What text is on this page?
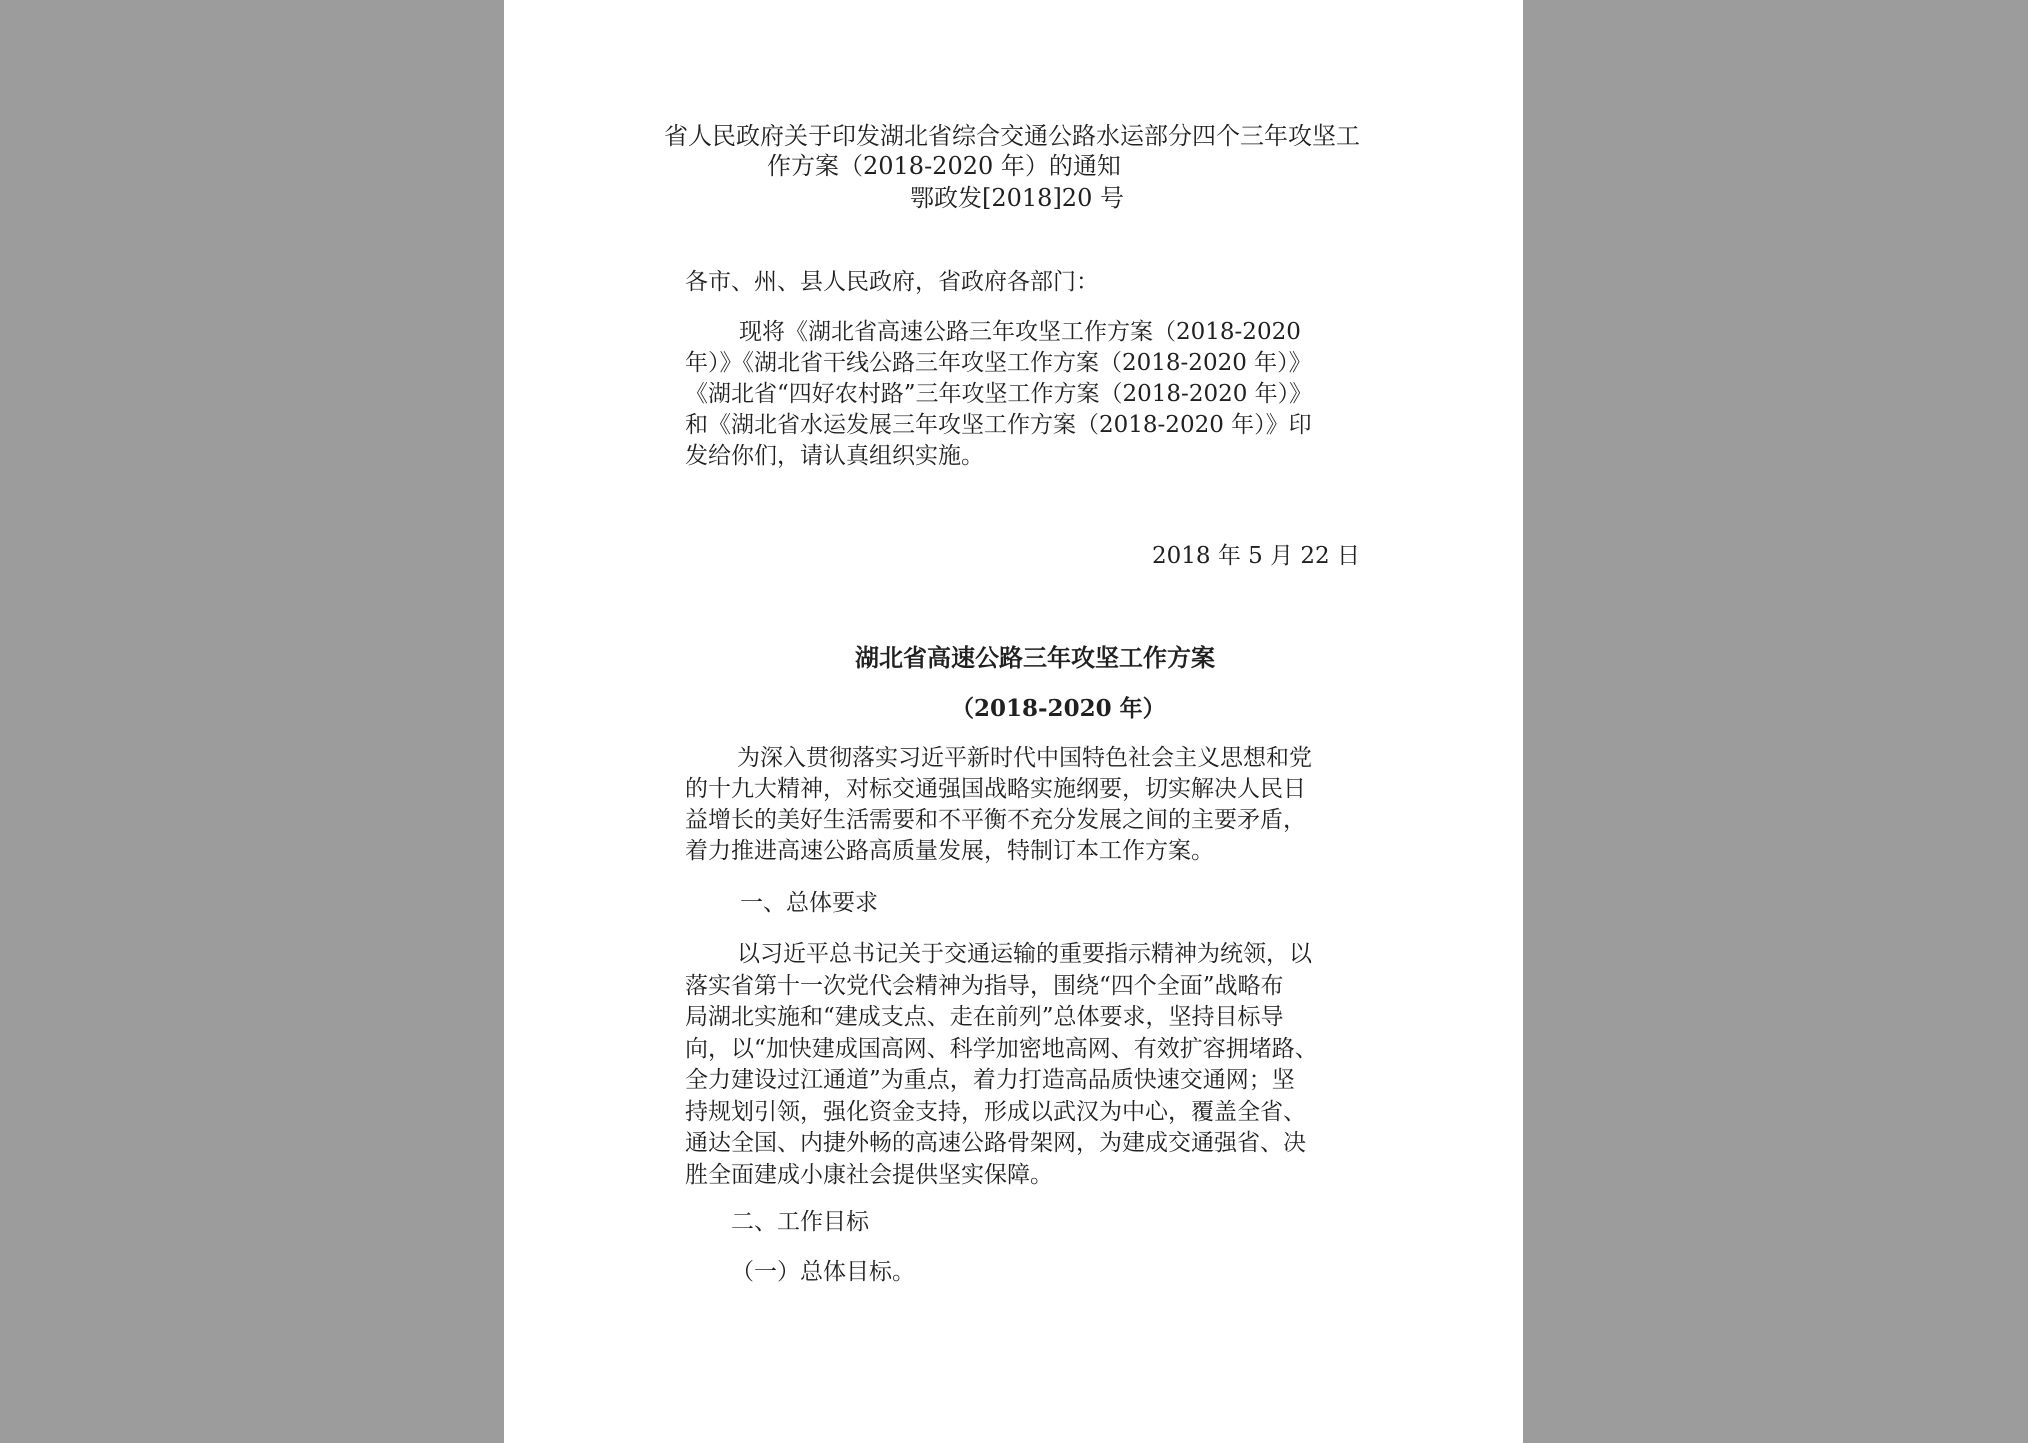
省人民政府关于印发湖北省综合交通公路水运部分四个三年攻坚工
作方案（2018-2020 年）的通知
鄂政发[2018]20 号
各市、州、县人民政府，省政府各部门：
现将《湖北省高速公路三年攻坚工作方案（2018-2020
年）》《湖北省干线公路三年攻坚工作方案（2018-2020 年）》
《湖北省“四好农村路”三年攻坚工作方案（2018-2020 年）》
和《湖北省水运发展三年攻坚工作方案（2018-2020 年）》印
发给你们，请认真组织实施。
2018 年 5 月 22 日
湖北省高速公路三年攻坚工作方案
（2018-2020 年）
为深入贯彻落实习近平新时代中国特色社会主义思想和党
的十九大精神，对标交通强国战略实施纲要，切实解决人民日
益增长的美好生活需要和不平衡不充分发展之间的主要矛盾，
着力推进高速公路高质量发展，特制订本工作方案。
一、总体要求
以习近平总书记关于交通运输的重要指示精神为统领，以
落实省第十一次党代会精神为指导，围绕“四个全面”战略布
局湖北实施和“建成支点、走在前列”总体要求，坚持目标导
向，以“加快建成国高网、科学加密地高网、有效扩容拥堵路、
全力建设过江通道”为重点，着力打造高品质快速交通网；坚
持规划引领，强化资金支持，形成以武汉为中心，覆盖全省、
通达全国、内捷外畅的高速公路骨架网，为建成交通强省、决
胜全面建成小康社会提供坚实保障。
二、工作目标
（一）总体目标。
